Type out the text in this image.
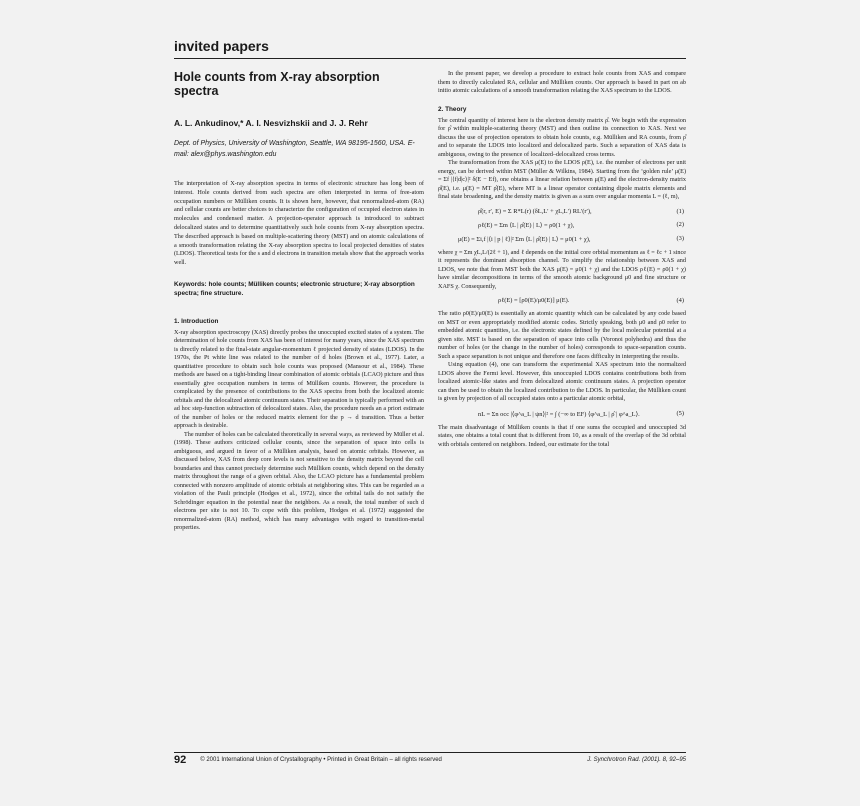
invited papers
Hole counts from X-ray absorption spectra
A. L. Ankudinov,* A. I. Nesvizhskii and J. J. Rehr
Dept. of Physics, University of Washington, Seattle, WA 98195-1560, USA. E-mail: alex@phys.washington.edu
The interpretation of X-ray absorption spectra in terms of electronic structure has long been of interest. Hole counts derived from such spectra are often interpreted in terms of free-atom occupation numbers or Mülliken counts. It is shown here, however, that renormalized-atom (RA) and cellular counts are better choices to characterize the configuration of occupied electron states in molecules and condensed matter. A projection-operator approach is introduced to subtract delocalized states and to determine quantitatively such hole counts from X-ray absorption spectra. The described approach is based on multiple-scattering theory (MST) and on atomic calculations of a smooth transformation relating the X-ray absorption spectra to local projected densities of states (LDOS). Theoretical tests for the s and d electrons in transition metals show that the approach works well.
Keywords: hole counts; Mülliken counts; electronic structure; X-ray absorption spectra; fine structure.
1. Introduction

X-ray absorption spectroscopy (XAS) directly probes the unoccupied excited states of a system. The determination of hole counts from XAS has been of interest for many years, since the XAS spectrum is directly related to the final-state angular-momentum ℓ projected density of states (LDOS). In the 1970s, the Pt white line was related to the number of d holes (Brown et al., 1977). Later, a quantitative procedure to obtain such hole counts was proposed (Mansour et al., 1984). These methods are based on a tight-binding linear combination of atomic orbitals (LCAO) picture and thus essentially give occupation numbers in terms of Mülliken counts. However, the procedure is complicated by the presence of contributions to the XAS spectra from both the localized atomic orbitals and the delocalized atomic continuum states. Their separation is typically performed with an ad hoc step-function subtraction of delocalized states. Also, the procedure needs an a priori estimate of the number of holes or the reduced matrix element for the p → d transition. Thus a better approach is desirable.

The number of holes can be calculated theoretically in several ways, as reviewed by Müller et al. (1998). These authors criticized cellular counts, since the separation of space into cells is ambiguous, and argued in favor of a Mülliken analysis, based on atomic orbitals. However, as discussed below, XAS from deep core levels is not sensitive to the density matrix beyond the cell boundaries and thus cannot precisely determine such Mülliken counts, which depend on the density matrix throughout the range of a given orbital. Also, the LCAO picture has a fundamental problem connected with nonzero amplitude of atomic orbitals at neighboring sites. This can be regarded as a violation of the Pauli principle (Hodges et al., 1972), since the orbital tails do not satisfy the Schrödinger equation in the potential near the neighbors. As a result, the total number of such d electrons per site is not 10. To cope with this problem, Hodges et al. (1972) suggested the renormalized-atom (RA) method, which has many advantages with regard to transition-metal properties.

In the present paper, we develop a procedure to extract hole counts from XAS and compare them to directly calculated RA, cellular and Mülliken counts. Our approach is based in part on ab initio atomic calculations of a smooth transformation relating the XAS spectrum to the LDOS.

2. Theory

The central quantity of interest here is the electron density matrix ρ̂. We begin with the expression for ρ̂ within multiple-scattering theory (MST) and then outline its connection to XAS. Next we discuss the use of projection operators to obtain hole counts, e.g. Mülliken and RA counts, from ρ̂ and to separate the LDOS into localized and delocalized parts. Such a separation of XAS data is ambiguous, owing to the presence of localized–delocalized cross terms.

The transformation from the XAS μ(E) to the LDOS ρ(E), i.e. the number of electrons per unit energy, can be derived within MST (Müller & Wilkins, 1984). Starting from the ‘golden rule’ μ(E) = Σf |⟨f|d|c⟩|² δ(E − Ef), one obtains a linear relation between μ(E) and the electron-density matrix ρ̂(E), i.e. μ(E) = MT ρ̂(E), where MT is a linear operator containing dipole matrix elements and final state broadening, and the density matrix is given as a sum over angular momenta L = (ℓ, m),

ρ̂(r, r′, E) = Σ R*L(r) (δL,L′ + χL,L′) RL′(r′),	(1)
ρℓ(E) = Σm ⟨L | ρ̂(E) | L⟩ = ρ0(1 + χ),	(2)
μ(E) = Σi,f |⟨i | p | ℓ⟩|² Σm ⟨L | ρ̂(E) | L⟩ = μ0(1 + χ),	(3)

where χ = Σm χL,L/(2ℓ + 1), and ℓ depends on the initial core orbital momentum as ℓ = ℓc + 1 since it represents the dominant absorption channel. To simplify the relationship between XAS and LDOS, we note that from MST both the XAS μ(E) = μ0(1 + χ) and the LDOS ρℓ(E) = ρ0(1 + χ) have similar decompositions in terms of the smooth atomic background μ0 and fine structure or XAFS χ. Consequently,

ρℓ(E) = [ρ0(E)/μ0(E)] μ(E).	(4)

The ratio ρ0(E)/μ0(E) is essentially an atomic quantity which can be calculated by any code based on MST or even appropriately modified atomic codes. Strictly speaking, both μ0 and ρ0 refer to embedded atomic quantities, i.e. the electronic states defined by the local molecular potential at a given site. MST is based on the separation of space into cells (Voronoi polyhedra) and thus the number of holes (or the change in the number of holes) corresponds to space-separation counts. Such a space separation is not unique and therefore one faces difficulty in interpreting the results.

Using equation (4), one can transform the experimental XAS spectrum into the normalized LDOS above the Fermi level. However, this unoccupied LDOS contains contributions both from localized atomic-like states and from delocalized atomic continuum states. A projection operator can then be used to obtain the localized contribution to the LDOS. In particular, the Mülliken count is given by projection of all occupied states onto a particular atomic orbital,

nL = Σn occ |⟨φ^a_L | ψn⟩|² = ∫ (−∞ to EF) ⟨φ^a_L | ρ̂ | φ^a_L⟩.	(5)

The main disadvantage of Mülliken counts is that if one sums the occupied and unoccupied 3d states, one obtains a total count that is different from 10, as a result of the overlap of the 3d orbital with orbitals centered on neighbors. Indeed, our estimate for the total

92 © 2001 International Union of Crystallography • Printed in Great Britain – all rights reserved	J. Synchrotron Rad. (2001). 8, 92–95
